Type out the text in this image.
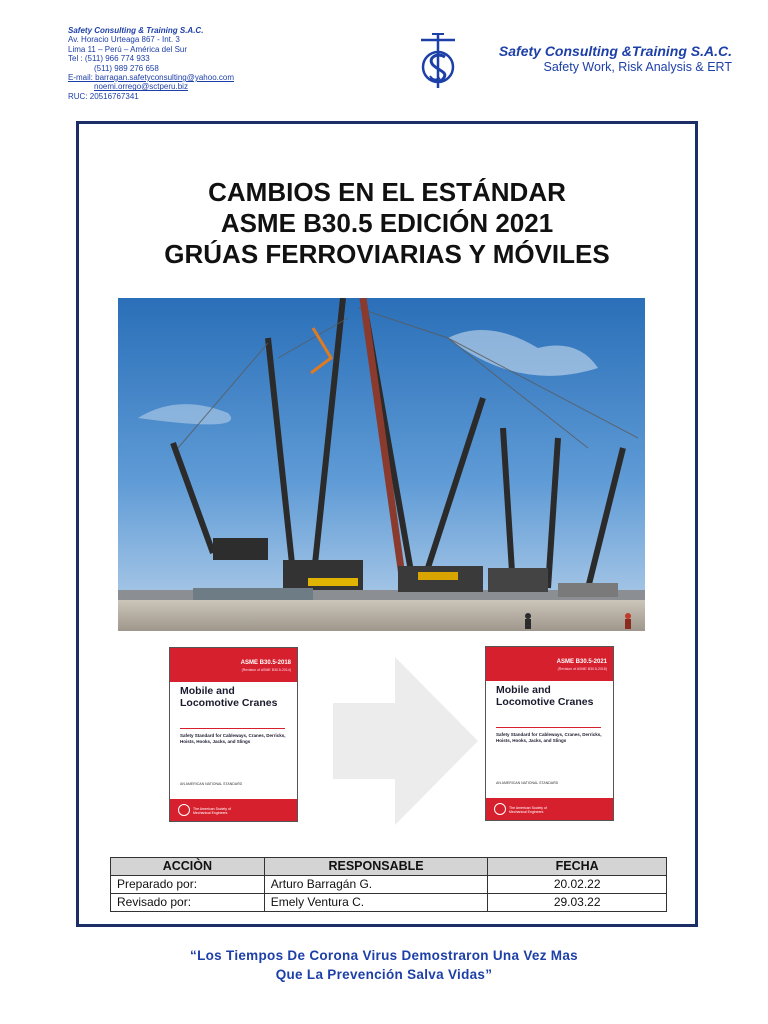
Safety Consulting & Training S.A.C.
Av. Horacio Urteaga 867 - Int. 3
Lima 11 – Perú – América del Sur
Tel : (511) 966 774 933
(511) 989 276 658
E-mail: barragan.safetyconsulting@yahoo.com
noemi.orrego@sctperu.biz
RUC: 20516767341
Safety Consulting &Training S.A.C.
Safety Work, Risk Analysis & ERT
CAMBIOS EN EL ESTÁNDAR
ASME B30.5 EDICIÓN 2021
GRÚAS FERROVIARIAS Y MÓVILES
ASME B30.5-2018
(Revision of ASME B30.5-2014)
Mobile and Locomotive Cranes
Safety Standard for Cableways, Cranes, Derricks, Hoists, Hooks, Jacks, and Slings
AN AMERICAN NATIONAL STANDARD
The American Society of Mechanical Engineers
ASME B30.5-2021
(Revision of ASME B30.5-2018)
Mobile and Locomotive Cranes
Safety Standard for Cableways, Cranes, Derricks, Hoists, Hooks, Jacks, and Slings
AN AMERICAN NATIONAL STANDARD
The American Society of Mechanical Engineers
ACCIÒN	RESPONSABLE	FECHA
Preparado por:	Arturo Barragán G.	20.02.22
Revisado por:	Emely Ventura C.	29.03.22
“Los Tiempos De Corona Virus Demostraron Una Vez Mas
Que La Prevención Salva Vidas”
